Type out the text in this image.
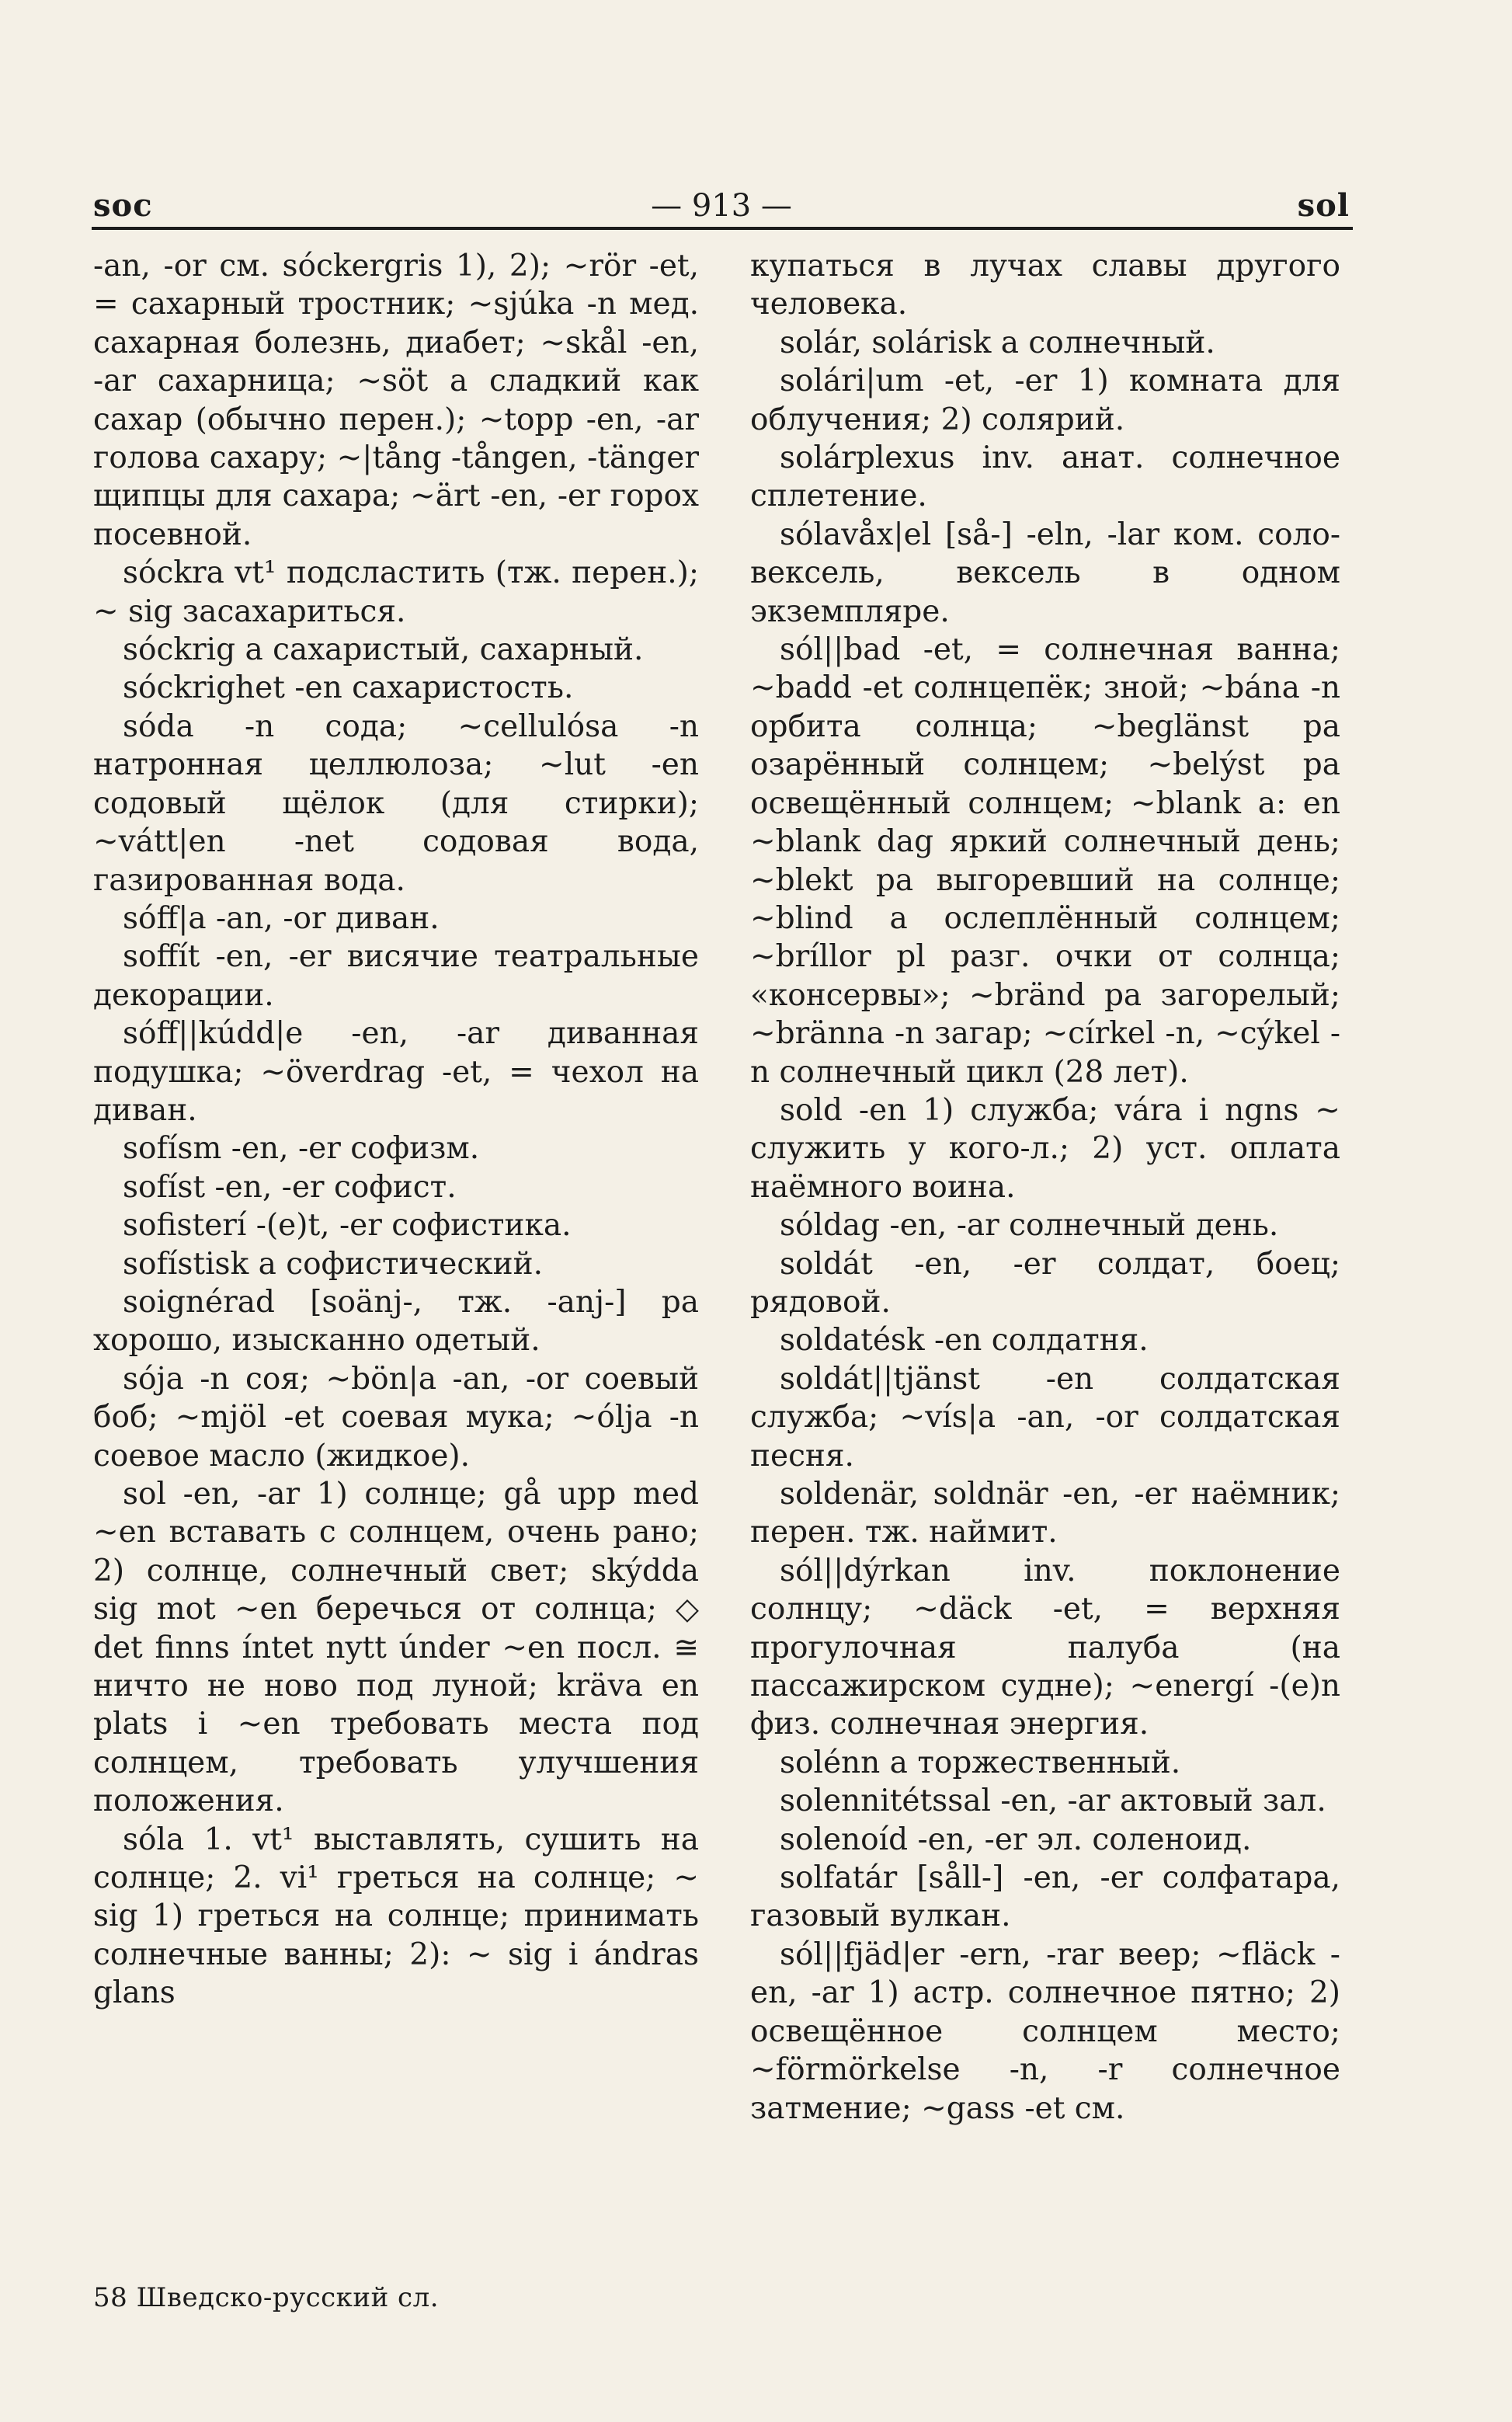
soc	— 913 —	sol

-an, -or см. sóckergris 1), 2); ~rör -et, = сахарный тростник; ~sjúka -n мед. сахарная болезнь, диабет; ~skål -en, -ar сахарница; ~söt a сладкий как сахар (обычно перен.); ~topp -en, -ar голова сахару; ~|tång -tången, -tänger щипцы для сахара; ~ärt -en, -er горох посевной.

sóckra vt¹ подсластить (тж. перен.); ~ sig засахариться.

sóckrig a сахаристый, сахарный.

sóckrighet -en сахаристость.

sóda -n сода; ~cellulósa -n натронная целлюлоза; ~lut -en содовый щёлок (для стирки); ~vátt|en -net содовая вода, газированная вода.

sóff|a -an, -or диван.

soffít -en, -er висячие театральные декорации.

sóff||kúdd|e -en, -ar диванная подушка; ~överdrag -et, = чехол на диван.

sofísm -en, -er софизм.

sofíst -en, -er софист.

sofisterí -(e)t, -er софистика.

sofístisk a софистический.

soignérad [soänj-, тж. -anj-] pa хорошо, изысканно одетый.

sója -n соя; ~bön|a -an, -or соевый боб; ~mjöl -et соевая мука; ~ólja -n соевое масло (жидкое).

sol -en, -ar 1) солнце; gå upp med ~en вставать с солнцем, очень рано; 2) солнце, солнечный свет; skýdda sig mot ~en беречься от солнца; ◇ det finns íntet nytt únder ~en посл. ≅ ничто не ново под луной; kräva en plats i ~en требовать места под солнцем, требовать улучшения положения.

sóla 1. vt¹ выставлять, сушить на солнце; 2. vi¹ греться на солнце; ~ sig 1) греться на солнце; принимать солнечные ванны; 2): ~ sig i ándras glans

купаться в лучах славы другого человека.

solár, solárisk a солнечный.

solári|um -et, -er 1) комната для облучения; 2) солярий.

solárplexus inv. анат. солнечное сплетение.

sólavåx|el [så-] -eln, -lar ком. соло-вексель, вексель в одном экземпляре.

sól||bad -et, = солнечная ванна; ~badd -et солнцепёк; зной; ~bána -n орбита солнца; ~beglänst pa озарённый солнцем; ~belýst pa освещённый солнцем; ~blank a: en ~blank dag яркий солнечный день; ~blekt pa выгоревший на солнце; ~blind a ослеплённый солнцем; ~bríllor pl разг. очки от солнца; «консервы»; ~bränd pa загорелый; ~bränna -n загар; ~církel -n, ~cýkel -n солнечный цикл (28 лет).

sold -en 1) служба; vára i ngns ~ служить у кого-л.; 2) уст. оплата наёмного воина.

sóldag -en, -ar солнечный день.

soldát -en, -er солдат, боец; рядовой.

soldatésk -en солдатня.

soldát||tjänst -en солдатская служба; ~vís|a -an, -or солдатская песня.

soldenär, soldnär -en, -er наёмник; перен. тж. наймит.

sól||dýrkan inv. поклонение солнцу; ~däck -et, = верхняя прогулочная палуба (на пассажирском судне); ~energí -(e)n физ. солнечная энергия.

solénn a торжественный.

solennitétssal -en, -ar актовый зал.

solenoíd -en, -er эл. соленоид.

solfatár [såll-] -en, -er солфатара, газовый вулкан.

sól||fjäd|er -ern, -rar веер; ~fläck -en, -ar 1) астр. солнечное пятно; 2) освещённое солнцем место; ~förmörkelse -n, -r солнечное затмение; ~gass -et см.

58 Шведско-русский сл.
